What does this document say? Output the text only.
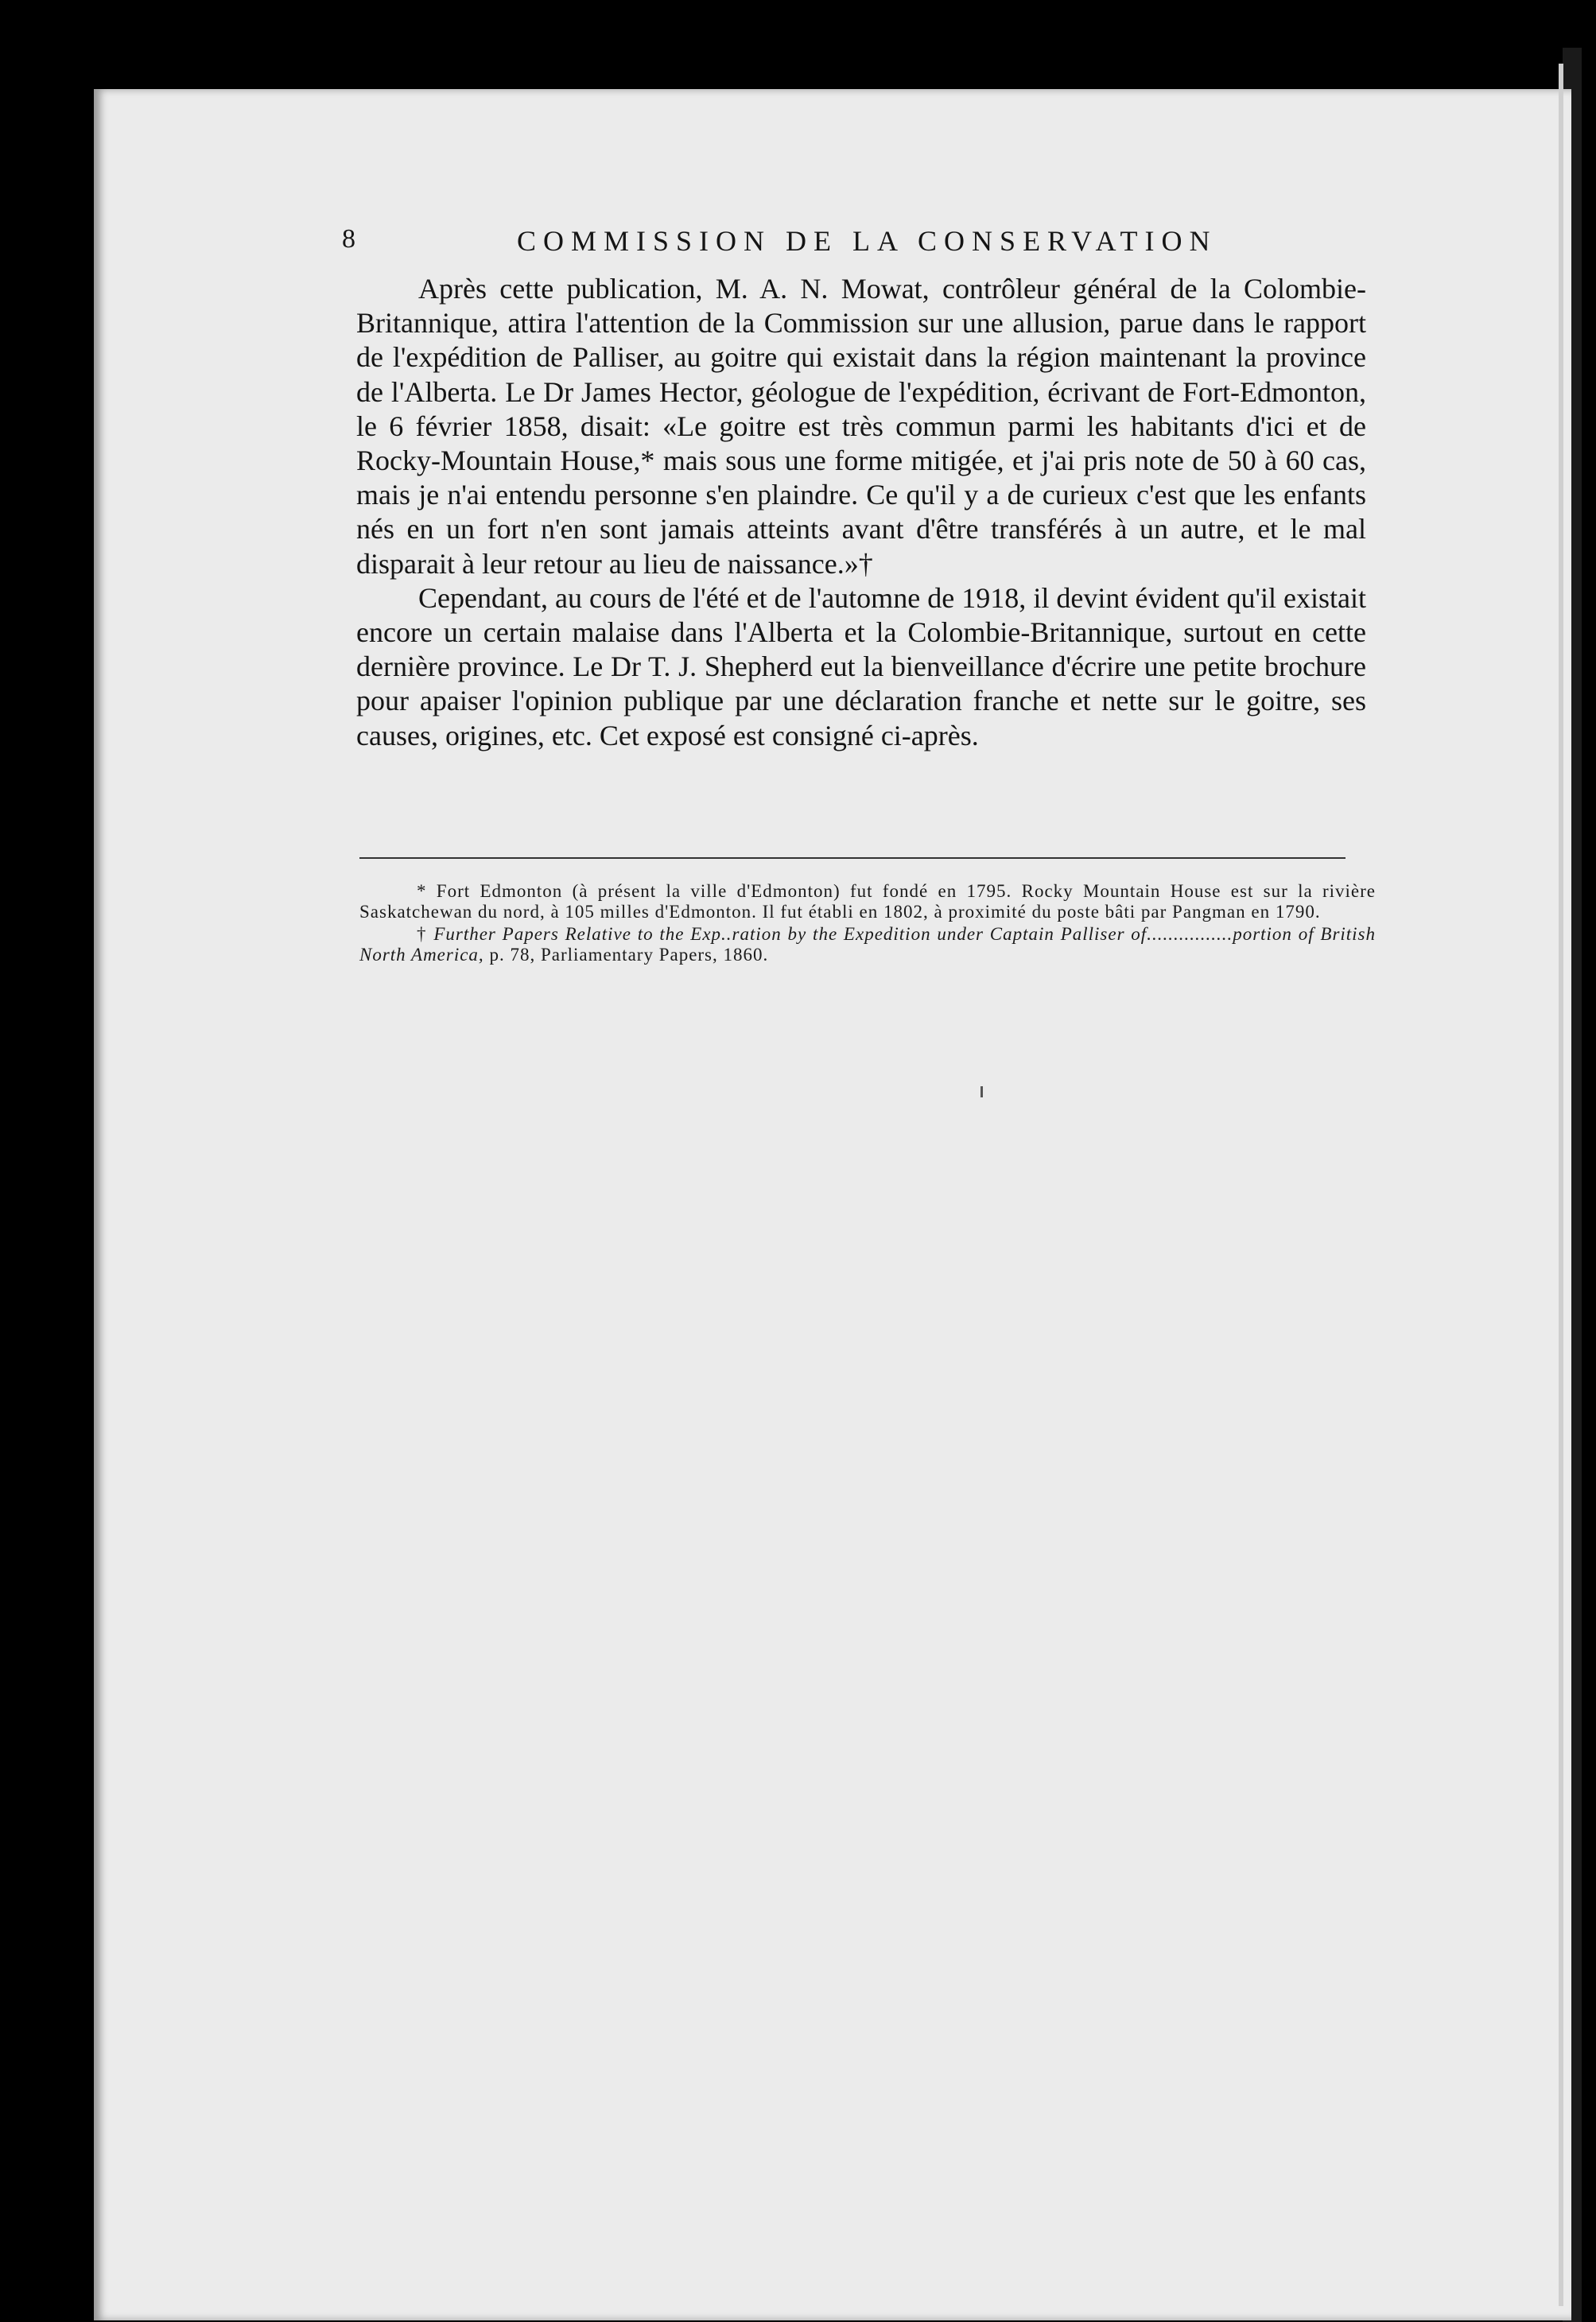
8	COMMISSION DE LA CONSERVATION

Après cette publication, M. A. N. Mowat, contrôleur général de la Colombie-Britannique, attira l'attention de la Commission sur une allusion, parue dans le rapport de l'expédition de Palliser, au goitre qui existait dans la région maintenant la province de l'Alberta. Le Dr James Hector, géologue de l'expédition, écrivant de Fort-Edmonton, le 6 février 1858, disait: «Le goitre est très commun parmi les habitants d'ici et de Rocky-Mountain House,* mais sous une forme mitigée, et j'ai pris note de 50 à 60 cas, mais je n'ai entendu personne s'en plaindre. Ce qu'il y a de curieux c'est que les enfants nés en un fort n'en sont jamais atteints avant d'être transférés à un autre, et le mal disparait à leur retour au lieu de naissance.»†

Cependant, au cours de l'été et de l'automne de 1918, il devint évident qu'il existait encore un certain malaise dans l'Alberta et la Colombie-Britannique, surtout en cette dernière province. Le Dr T. J. Shepherd eut la bienveillance d'écrire une petite brochure pour apaiser l'opinion publique par une déclaration franche et nette sur le goitre, ses causes, origines, etc. Cet exposé est consigné ci-après.

* Fort Edmonton (à présent la ville d'Edmonton) fut fondé en 1795. Rocky Mountain House est sur la rivière Saskatchewan du nord, à 105 milles d'Edmonton. Il fut établi en 1802, à proximité du poste bâti par Pangman en 1790.

† Further Papers Relative to the Exp..ration by the Expedition under Captain Palliser of................portion of British North America, p. 78, Parliamentary Papers, 1860.
